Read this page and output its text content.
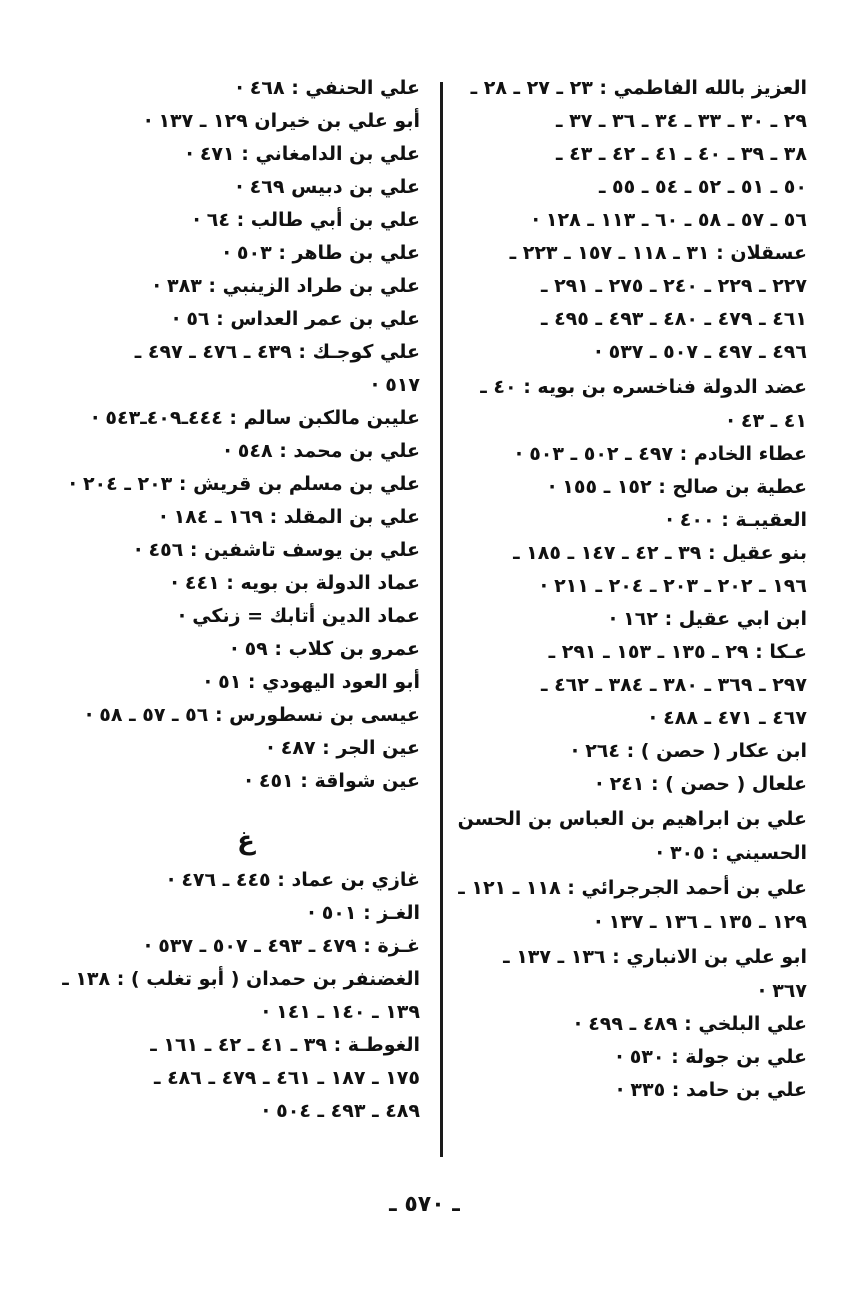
العزيز بالله الفاطمي : ٢٣ ـ ٢٧ ـ ٢٨ ـ
٢٩ ـ ٣٠ ـ ٣٣ ـ ٣٤ ـ ٣٦ ـ ٣٧ ـ
٣٨ ـ ٣٩ ـ ٤٠ ـ ٤١ ـ ٤٢ ـ ٤٣ ـ
٥٠ ـ ٥١ ـ ٥٢ ـ ٥٤ ـ ٥٥ ـ
٥٦ ـ ٥٧ ـ ٥٨ ـ ٦٠ ـ ١١٣ ـ ١٢٨ ·
عسقلان : ٣١ ـ ١١٨ ـ ١٥٧ ـ ٢٢٣ ـ
٢٢٧ ـ ٢٢٩ ـ ٢٤٠ ـ ٢٧٥ ـ ٢٩١ ـ
٤٦١ ـ ٤٧٩ ـ ٤٨٠ ـ ٤٩٣ ـ ٤٩٥ ـ
٤٩٦ ـ ٤٩٧ ـ ٥٠٧ ـ ٥٣٧ ·
عضد الدولة فناخسره بن بويه : ٤٠ ـ
٤١ ـ ٤٣ ·
عطاء الخادم : ٤٩٧ ـ ٥٠٢ ـ ٥٠٣ ·
عطية بن صالح : ١٥٢ ـ ١٥٥ ·
العقيبـة : ٤٠٠ ·
بنو عقيل : ٣٩ ـ ٤٢ ـ ١٤٧ ـ ١٨٥ ـ
١٩٦ ـ ٢٠٢ ـ ٢٠٣ ـ ٢٠٤ ـ ٢١١ ·
ابن ابي عقيل : ١٦٢ ·
عـكا : ٢٩ ـ ١٣٥ ـ ١٥٣ ـ ٢٩١ ـ
٢٩٧ ـ ٣٦٩ ـ ٣٨٠ ـ ٣٨٤ ـ ٤٦٢ ـ
٤٦٧ ـ ٤٧١ ـ ٤٨٨ ·
ابن عكار ( حصن ) : ٢٦٤ ·
علعال ( حصن ) : ٢٤١ ·
علي بن ابراهيم بن العباس بن الحسن
الحسيني : ٣٠٥ ·
علي بن أحمد الجرجرائي : ١١٨ ـ ١٢١ ـ
١٢٩ ـ ١٣٥ ـ ١٣٦ ـ ١٣٧ ·
ابو علي بن الانباري : ١٣٦ ـ ١٣٧ ـ
٣٦٧ ·
علي البلخي : ٤٨٩ ـ ٤٩٩ ·
علي بن جولة : ٥٣٠ ·
علي بن حامد : ٣٣٥ ·
علي الحنفي : ٤٦٨ ·
أبو علي بن خيران ١٢٩ ـ ١٣٧ ·
علي بن الدامغاني : ٤٧١ ·
علي بن دبيس ٤٦٩ ·
علي بن أبي طالب : ٦٤ ·
علي بن طاهر : ٥٠٣ ·
علي بن طراد الزينبي : ٣٨٣ ·
علي بن عمر العداس : ٥٦ ·
علي كوجـك : ٤٣٩ ـ ٤٧٦ ـ ٤٩٧ ـ
٥١٧ ·
عليبن مالكبن سالم : ٤٤٤ـ٤٠٩ـ٥٤٣ ·
علي بن محمد : ٥٤٨ ·
علي بن مسلم بن قريش : ٢٠٣ ـ ٢٠٤ ·
علي بن المقلد : ١٦٩ ـ ١٨٤ ·
علي بن يوسف تاشفين : ٤٥٦ ·
عماد الدولة بن بويه : ٤٤١ ·
عماد الدين أتابك = زنكي ·
عمرو بن كلاب : ٥٩ ·
أبو العود اليهودي : ٥١ ·
عيسى بن نسطورس : ٥٦ ـ ٥٧ ـ ٥٨ ·
عين الجر : ٤٨٧ ·
عين شواقة : ٤٥١ ·
غ
غازي بن عماد : ٤٤٥ ـ ٤٧٦ ·
الغـز : ٥٠١ ·
غـزة : ٤٧٩ ـ ٤٩٣ ـ ٥٠٧ ـ ٥٣٧ ·
الغضنفر بن حمدان ( أبو تغلب ) : ١٣٨ ـ
١٣٩ ـ ١٤٠ ـ ١٤١ ·
الغوطـة : ٣٩ ـ ٤١ ـ ٤٢ ـ ١٦١ ـ
١٧٥ ـ ١٨٧ ـ ٤٦١ ـ ٤٧٩ ـ ٤٨٦ ـ
٤٨٩ ـ ٤٩٣ ـ ٥٠٤ ·
ـ ٥٧٠ ـ
